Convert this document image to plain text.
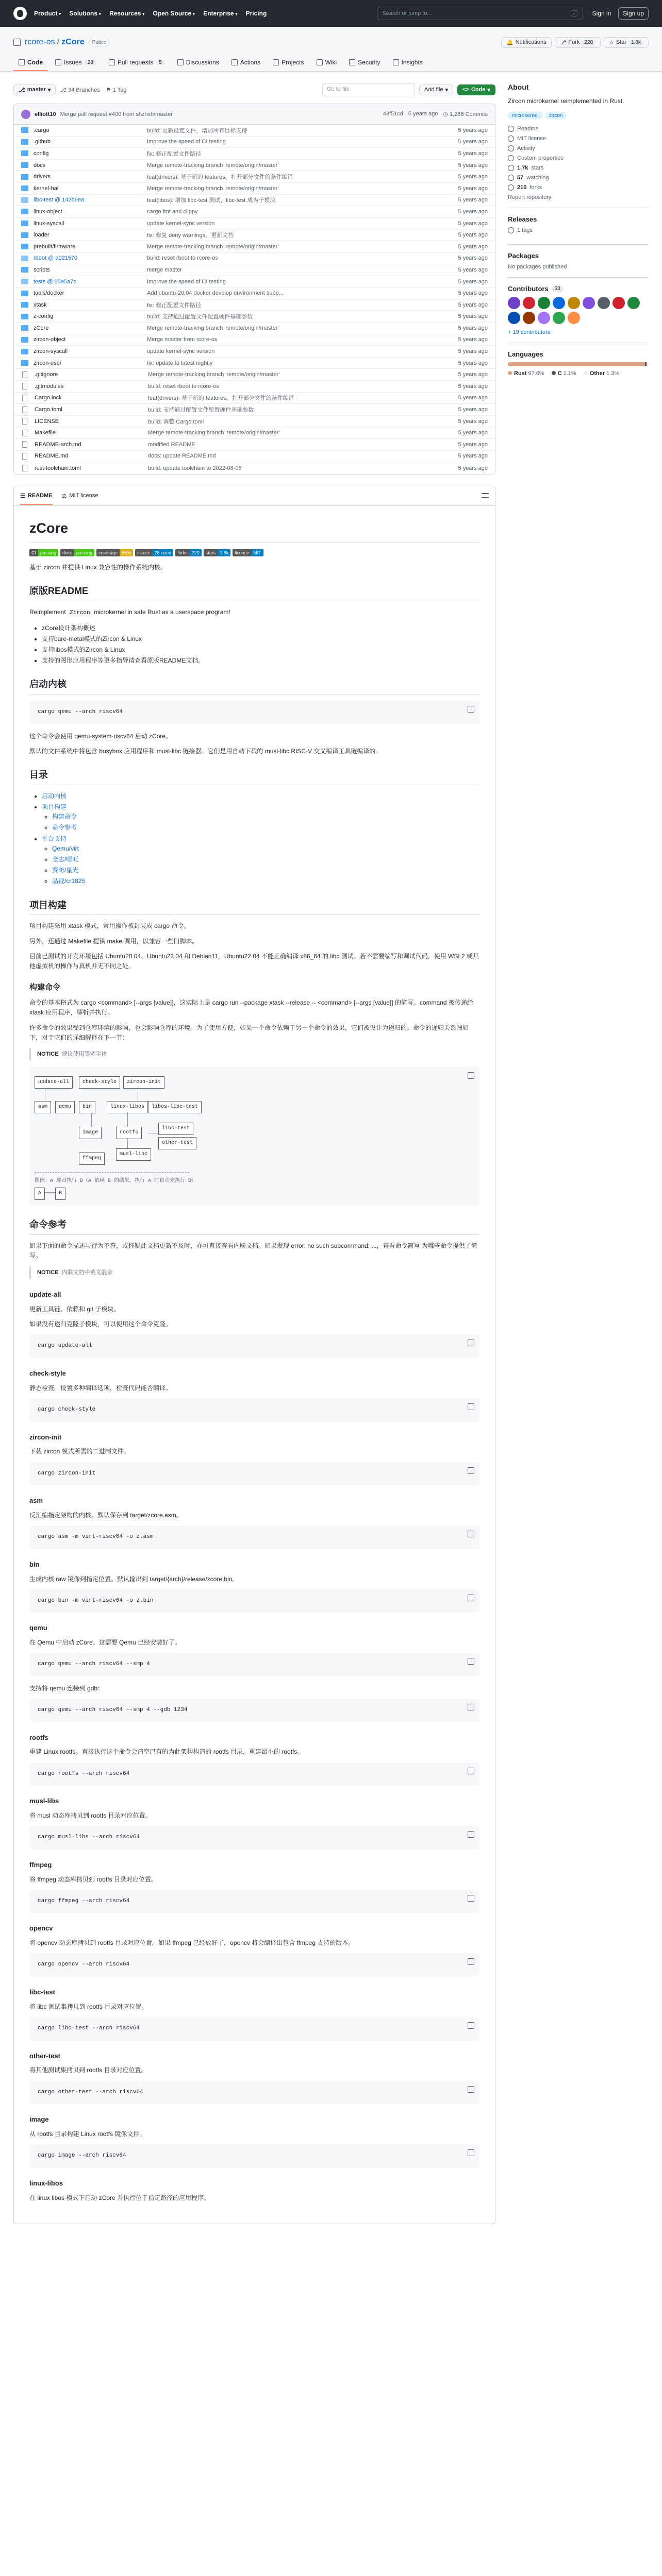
Product ▾	Solutions ▾	Resources ▾	Open Source ▾	Enterprise ▾	Pricing	Search or jump to...	/	Sign in	Sign up
rcore-os / zCore	Public	🔔 Notifications	⎇ Fork 220	☆ Star 1.8k
Code	Issues	28	Pull requests	5	Discussions	Actions	Projects	Wiki	Security	Insights
⎇ master ▾	⎇ 34 Branches ⚑ 1 Tag	Go to file	Add file ▾	<> Code ▾
elliott10 Merge pull request #400 from shzhxh/master	43f51cd 5 years ago ◷ 1,286 Commits
.cargo	build: 更新设定文件，增加所有目标支持	5 years ago
.github	Improve the speed of CI testing	5 years ago
config	fix: 修正配置文件路径	5 years ago
docs	Merge remote-tracking branch 'remote/origin/master'	5 years ago
drivers	feat(drivers): 基于新的 features，打开部分文件的条件编译	5 years ago
kernel-hal	Merge remote-tracking branch 'remote/origin/master'	5 years ago
libc-test @ 142b6ea	feat(libos): 增加 libc-test 测试，libc-test 成为子模块	5 years ago
linux-object	cargo fmt and clippy	5 years ago
linux-syscall	update kernel-sync version	5 years ago
loader	fix: 修复 deny warnings，更新文档	5 years ago
prebuilt/firmware	Merge remote-tracking branch 'remote/origin/master'	5 years ago
rboot @ a021570	build: reset rboot to rcore-os	5 years ago
scripts	merge master	5 years ago
tests @ 85e5a7c	Improve the speed of CI testing	5 years ago
tools/docker	Add ubuntu-20.04 docker develop environment supp...	5 years ago
xtask	fix: 修正配置文件路径	5 years ago
z-config	build: 支持通过配置文件配置硬件基础参数	5 years ago
zCore	Merge remote-tracking branch 'remote/origin/master'	5 years ago
zircon-object	Merge master from rcore-os	5 years ago
zircon-syscall	update kernel-sync version	5 years ago
zircon-user	fix: update to latest nightly	5 years ago
.gitignore	Merge remote-tracking branch 'remote/origin/master'	5 years ago
.gitmodules	build: reset rboot to rcore-os	5 years ago
Cargo.lock	feat(drivers): 基于新的 features，打开部分文件的条件编译	5 years ago
Cargo.toml	build: 支持通过配置文件配置硬件基础参数	5 years ago
LICENSE	build: 调整 Cargo.toml	5 years ago
Makefile	Merge remote-tracking branch 'remote/origin/master'	5 years ago
README-arch.md	modified README	5 years ago
README.md	docs: update README.md	5 years ago
rust-toolchain.toml	build: update toolchain to 2022-08-05	5 years ago
☰ README ⚖ MIT license
zCore
CI passing	docs passing	coverage 56%	issues 28 open	forks 220	stars 1.8k	license MIT

基于 zircon 并提供 Linux 兼容性的操作系统内核。

原版README

Reimplement Zircon microkernel in safe Rust as a userspace program!

• zCore设计架构概述
• 支持bare-metal模式的Zircon & Linux
• 支持libos模式的Zircon & Linux
• 支持的图形应用程序等更多指导请查看原版README文档。
启动内核
cargo qemu --arch riscv64

这个命令会使用 qemu-system-riscv64 启动 zCore。

默认的文件系统中将包含 busybox 应用程序和 musl-libc 链接器。它们是用自动下载的 musl-libc RISC-V 交叉编译工具链编译的。

目录
• 启动内核
• 项目构建
◦ 构建命令
◦ 命令参考
• 平台支持
◦ Qemu/virt
◦ 全志/哪吒
◦ 赛昉/星光
◦ 晶视/cr1825
项目构建

项目构建采用 xtask 模式，常用操作被封装成 cargo 命令。

另外，还通过 Makefile 提供 make 调用，以兼容一些旧脚本。

目前已测试的开发环境包括 Ubuntu20.04、Ubuntu22.04 和 Debian11，Ubuntu22.04 不能正确编译 x86_64 的 libc 测试。若不需要编写和调试代码，使用 WSL2 或其他虚拟机的操作与真机并无不同之处。

构建命令

命令的基本格式为 cargo <command> [--args [value]]，这实际上是 cargo run --package xtask --release -- <command> [--args [value]] 的简写。command 被传递给 xtask 应用程序，解析并执行。

许多命令的效果受到仓库环境的影响，也会影响仓库的环境。为了使用方便，如果一个命令依赖于另一个命令的效果，它们被设计为递归的。命令的递归关系图如下，对于它们的详细解释在下一节：

NOTICE 建议使用等宽字体
update-all	check-style	zircon-init
asm	qemu	bin	linux-libos	libos-libc-test
image	rootfs
libc-test
other-test
musl-libc
ffmpeg
图例：A 递归执行 B（A 依赖 B 的结果，执行 A 时自动先执行 B）
A	B
命令参考

如果下面的命令描述与行为不符，或怀疑此文档更新不及时，亦可直接查看内联文档。如果发现 error: no such subcommand: ...，查看命令简写 为哪些命令提供了简写。

NOTICE 内联文档中英文混杂
update-all

更新工具链、依赖和 git 子模块。

如果没有递归克隆子模块，可以使用这个命令克隆。

cargo update-all
check-style

静态检查。设置多种编译选项，检查代码能否编译。

cargo check-style
zircon-init

下载 zircon 模式所需的二进制文件。

cargo zircon-init
asm

反汇编指定架构的内核。默认保存到 target/zcore.asm。

cargo asm -m virt-riscv64 -o z.asm
bin

生成内核 raw 镜像到指定位置。默认输出到 target/{arch}/release/zcore.bin。

cargo bin -m virt-riscv64 -o z.bin
qemu

在 Qemu 中启动 zCore。这需要 Qemu 已经安装好了。

cargo qemu --arch riscv64 --smp 4

支持将 qemu 连接到 gdb：

cargo qemu --arch riscv64 --smp 4 --gdb 1234
rootfs

重建 Linux rootfs。直接执行这个命令会清空已有的为此架构构造的 rootfs 目录，重建最小的 rootfs。

cargo rootfs --arch riscv64
musl-libs

将 musl 动态库拷贝到 rootfs 目录对应位置。

cargo musl-libs --arch riscv64
ffmpeg

将 ffmpeg 动态库拷贝到 rootfs 目录对应位置。

cargo ffmpeg --arch riscv64
opencv

将 opencv 动态库拷贝到 rootfs 目录对应位置。如果 ffmpeg 已经放好了，opencv 将会编译出包含 ffmpeg 支持的版本。

cargo opencv --arch riscv64
libc-test

将 libc 测试集拷贝到 rootfs 目录对应位置。

cargo libc-test --arch riscv64
other-test

将其他测试集拷贝到 rootfs 目录对应位置。

cargo other-test --arch riscv64
image

从 rootfs 目录构建 Linux rootfs 镜像文件。

cargo image --arch riscv64
linux-libos

在 linux libos 模式下启动 zCore 并执行位于指定路径的应用程序。

About

Zircon microkernel reimplemented in Rust.

microkernel	zircon
Readme
MIT license
Activity
Custom properties
1.7k stars
57 watching
210 forks
Report repository
Releases
1 tags
Packages
No packages published
Contributors	33
+ 19 contributors
Languages
Rust 97.6%	C 1.1%	Other 1.3%
